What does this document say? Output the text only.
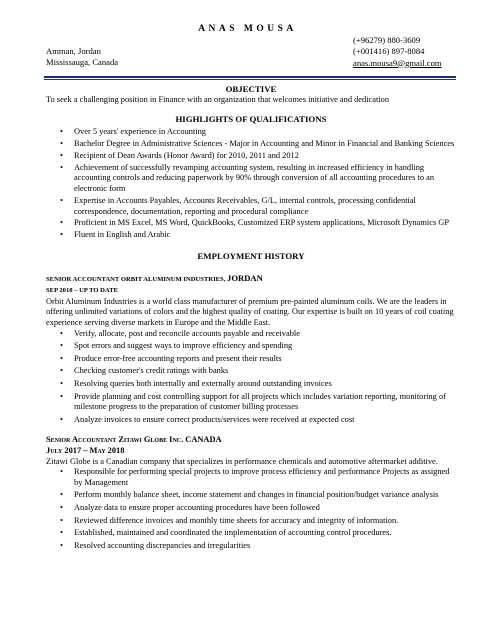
ANAS MOUSA
Amman, Jordan
Mississauga, Canada
(+96279) 880-3609
(+001416) 897-8084
anas.mousa9@gmail.com
OBJECTIVE

To seek a challenging position in Finance with an organization that welcomes initiative and dedication

HIGHLIGHTS OF QUALIFICATIONS
• Over 5 years' experience in Accounting
• Bachelor Degree in Administrative Sciences - Major in Accounting and Minor in Financial and Banking Sciences
• Recipient of Dean Awards (Honor Award) for 2010, 2011 and 2012
• Achievement of successfully revamping accounting system, resulting in increased efficiency in handling accounting controls and reducing paperwork by 90% through conversion of all accounting procedures to an electronic form
• Expertise in Accounts Payables, Accounts Receivables, G/L, internal controls, processing confidential correspondence, documentation, reporting and procedural compliance
• Proficient in MS Excel, MS Word, QuickBooks, Customized ERP system applications, Microsoft Dynamics GP
• Fluent in English and Arabic
EMPLOYMENT HISTORY
SENIOR ACCOUNTANT ORBIT ALUMINUM INDUSTRIES, JORDAN
SEP 2018 – UP TO DATE

Orbit Aluminum Industries is a world class manufacturer of premium pre-painted aluminum coils. We are the leaders in offering unlimited variations of colors and the highest quality of coating. Our expertise is built on 10 years of coil coating experience serving diverse markets in Europe and the Middle East.

• Verify, allocate, post and reconcile accounts payable and receivable
• Spot errors and suggest ways to improve efficiency and spending
• Produce error-free accounting reports and present their results
• Checking customer's credit ratings with banks
• Resolving queries both internally and externally around outstanding invoices
• Provide planning and cost controlling support for all projects which includes variation reporting, monitoring of milestone progress to the preparation of customer billing processes
• Analyze invoices to ensure correct products/services were received at expected cost
Senior Accountant Zitawi Globe Inc. CANADA
July 2017 – May 2018

Zitawi Globe is a Canadian company that specializes in performance chemicals and automotive aftermarket additive.

• Responsible for performing special projects to improve process efficiency and performance Projects as assigned by Management
• Perform monthly balance sheet, income statement and changes in financial position/budget variance analysis
• Analyze data to ensure proper accounting procedures have been followed
• Reviewed difference invoices and monthly time sheets for accuracy and integrity of information.
• Established, maintained and coordinated the implementation of accounting control procedures.
• Resolved accounting discrepancies and irregularities
